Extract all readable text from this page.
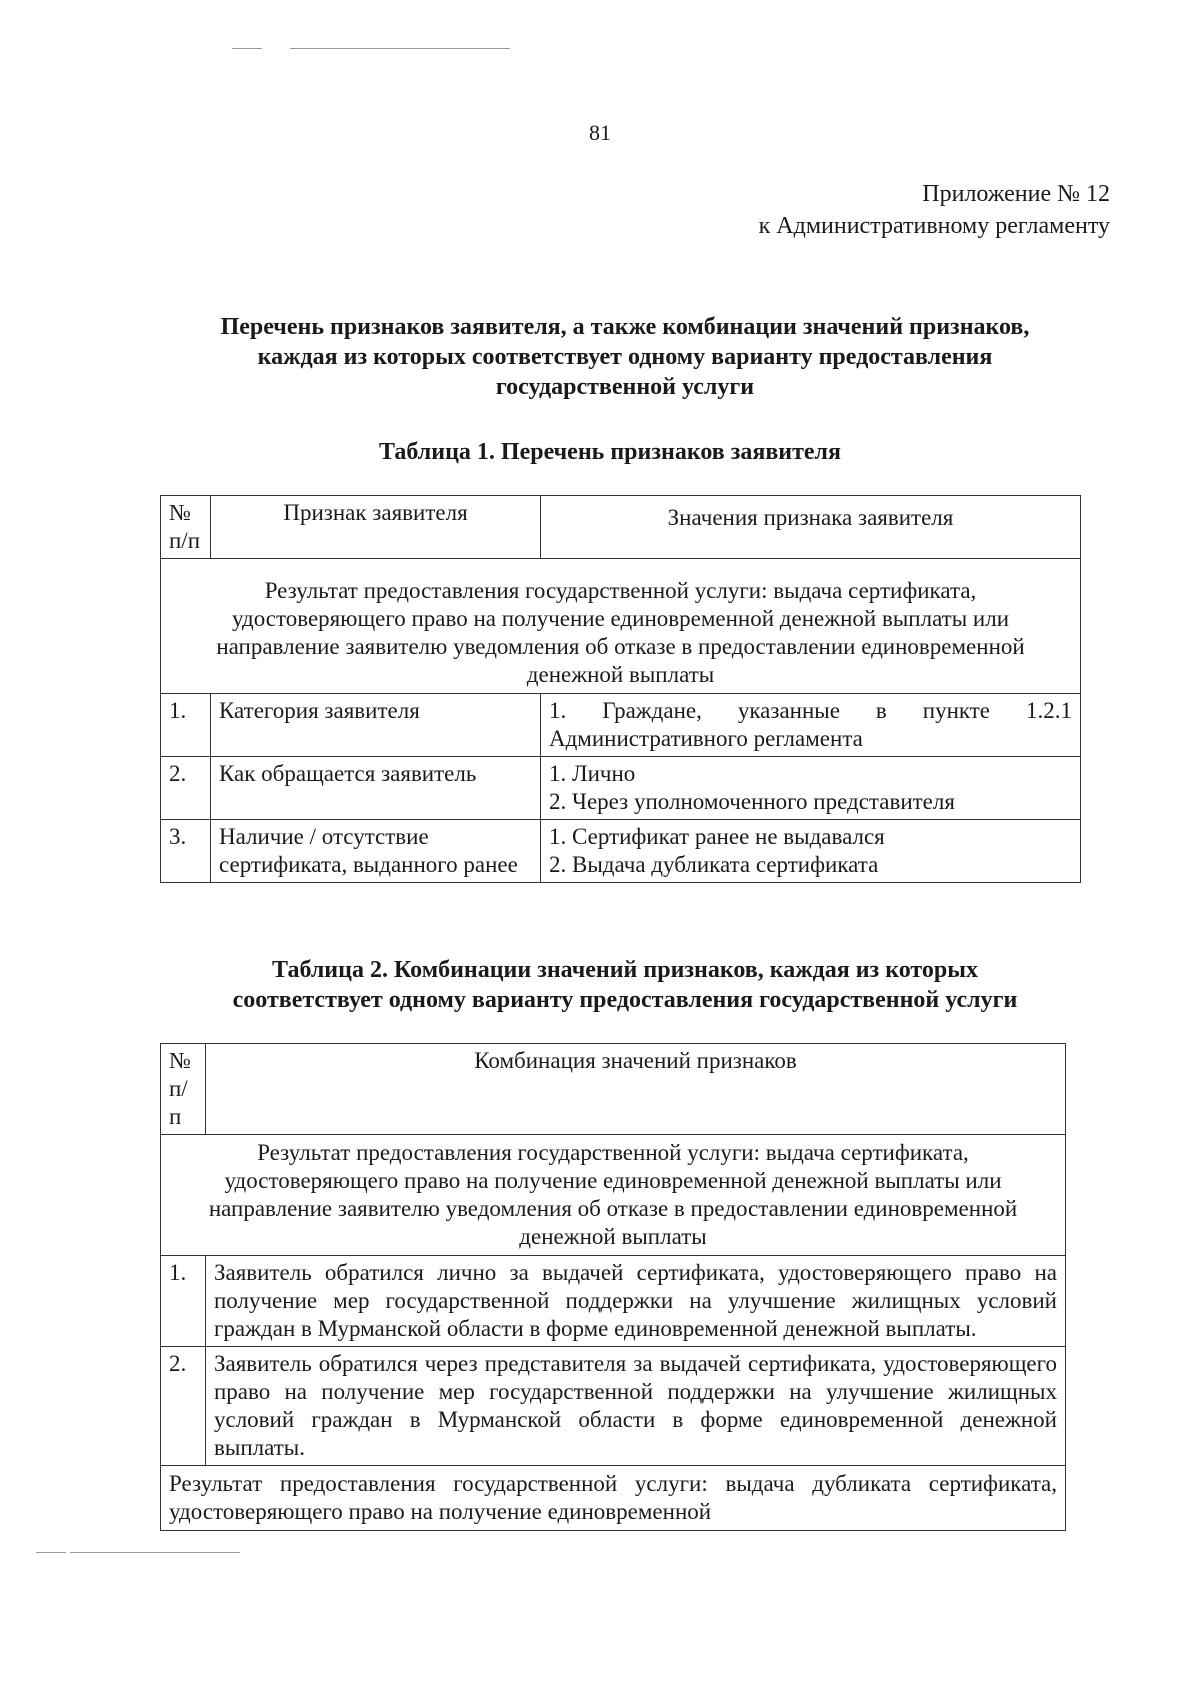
81
Приложение № 12
к Административному регламенту
Перечень признаков заявителя, а также комбинации значений признаков,
каждая из которых соответствует одному варианту предоставления
государственной услуги
Таблица 1. Перечень признаков заявителя
№ п/п	Признак заявителя	Значения признака заявителя
Результат предоставления государственной услуги: выдача сертификата, удостоверяющего право на получение единовременной денежной выплаты или направление заявителю уведомления об отказе в предоставлении единовременной денежной выплаты		
1.	Категория заявителя	1. Граждане, указанные в пункте 1.2.1 Административного регламента
2.	Как обращается заявитель	1. Лично
2. Через уполномоченного представителя

3.	Наличие / отсутствие сертификата, выданного ранее	1. Сертификат ранее не выдавался
2. Выдача дубликата сертификата
Таблица 2. Комбинации значений признаков, каждая из которых
соответствует одному варианту предоставления государственной услуги
№ п/п	Комбинация значений признаков
Результат предоставления государственной услуги: выдача сертификата, удостоверяющего право на получение единовременной денежной выплаты или направление заявителю уведомления об отказе в предоставлении единовременной денежной выплаты	
1.	Заявитель обратился лично за выдачей сертификата, удостоверяющего право на получение мер государственной поддержки на улучшение жилищных условий граждан в Мурманской области в форме единовременной денежной выплаты.
2.	Заявитель обратился через представителя за выдачей сертификата, удостоверяющего право на получение мер государственной поддержки на улучшение жилищных условий граждан в Мурманской области в форме единовременной денежной выплаты.
Результат предоставления государственной услуги: выдача дубликата сертификата, удостоверяющего право на получение единовременной	
